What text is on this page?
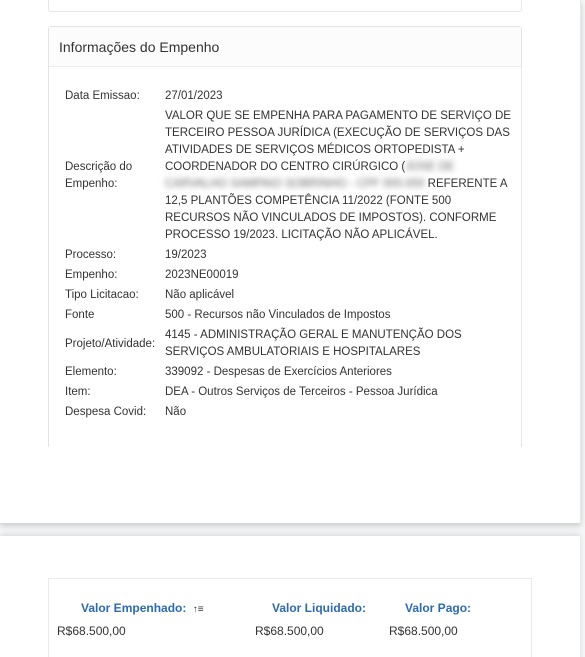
Informações do Empenho
Data Emissao:	27/01/2023
Descrição do Empenho:	VALOR QUE SE EMPENHA PARA PAGAMENTO DE SERVIÇO DE TERCEIRO PESSOA JURÍDICA (EXECUÇÃO DE SERVIÇOS DAS ATIVIDADES DE SERVIÇOS MÉDICOS ORTOPEDISTA + COORDENADOR DO CENTRO CIRÚRGICO (JOSE DE CARVALHO SAMPAIO SOBRINHO - CPF 000.000 REFERENTE A 12,5 PLANTÕES COMPETÊNCIA 11/2022 (FONTE 500 RECURSOS NÃO VINCULADOS DE IMPOSTOS). CONFORME PROCESSO 19/2023. LICITAÇÃO NÃO APLICÁVEL.
Processo:	19/2023
Empenho:	2023NE00019
Tipo Licitacao:	Não aplicável
Fonte	500 - Recursos não Vinculados de Impostos
Projeto/Atividade:	4145 - ADMINISTRAÇÃO GERAL E MANUTENÇÃO DOS SERVIÇOS AMBULATORIAIS E HOSPITALARES
Elemento:	339092 - Despesas de Exercícios Anteriores
Item:	DEA - Outros Serviços de Terceiros - Pessoa Jurídica
Despesa Covid:	Não
Valor Empenhado: ↑≡
R$68.500,00
Valor Liquidado:
R$68.500,00
Valor Pago:
R$68.500,00
